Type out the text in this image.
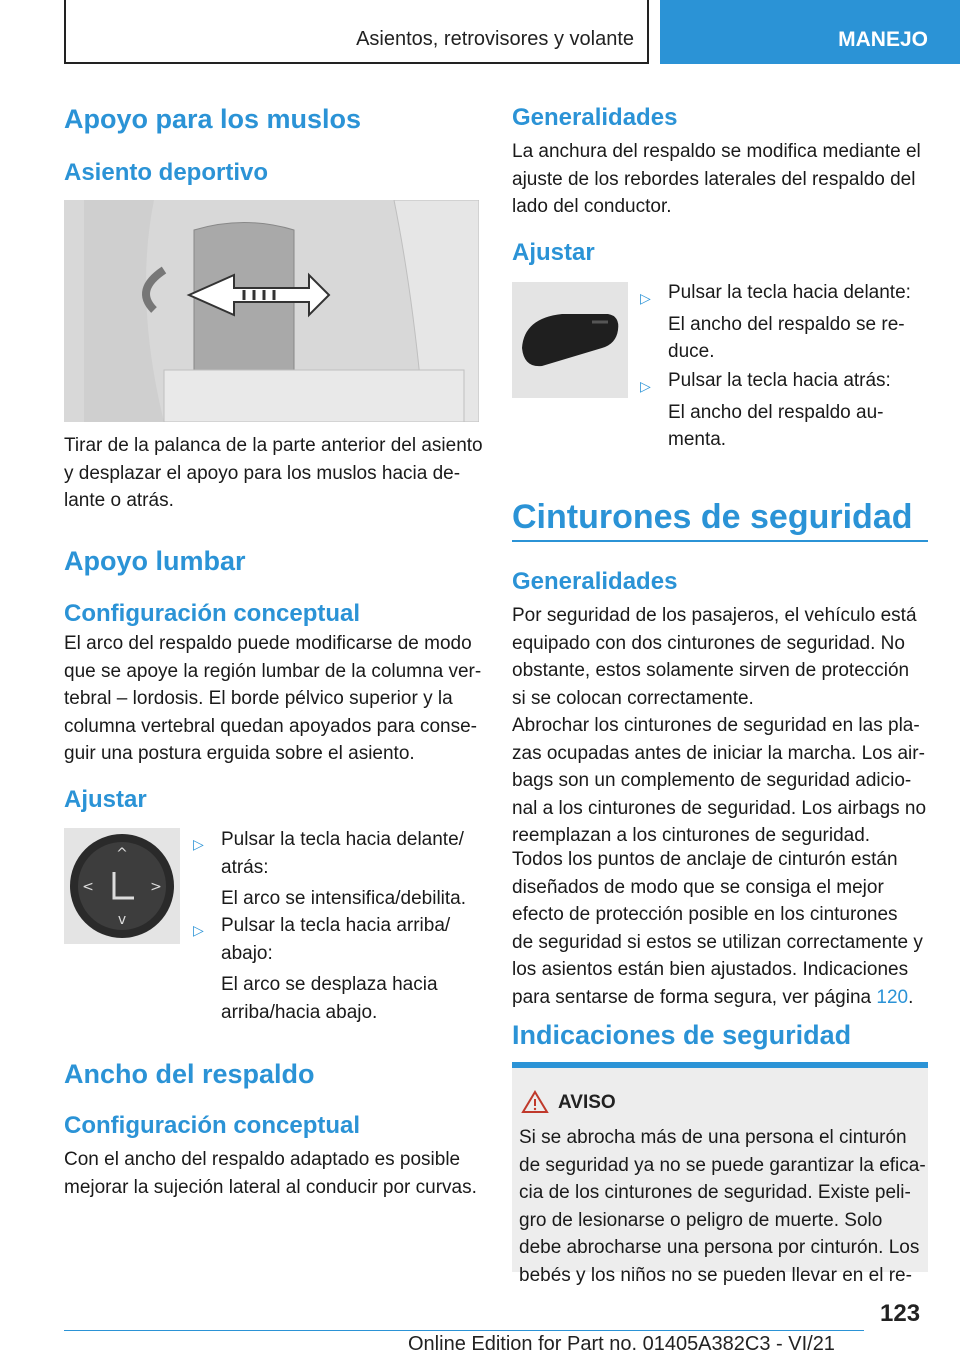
Asientos, retrovisores y volante	MANEJO
Apoyo para los muslos
Asiento deportivo
Tirar de la palanca de la parte anterior del asiento
y desplazar el apoyo para los muslos hacia de-
lante o atrás.
Apoyo lumbar
Configuración conceptual
El arco del respaldo puede modificarse de modo
que se apoye la región lumbar de la columna ver-
tebral – lordosis. El borde pélvico superior y la
columna vertebral quedan apoyados para conse-
guir una postura erguida sobre el asiento.
Ajustar
^
v
<	>
▷ Pulsar la tecla hacia delante/
atrás:
El arco se intensifica/debilita.
▷ Pulsar la tecla hacia arriba/
abajo:
El arco se desplaza hacia
arriba/hacia abajo.
Ancho del respaldo
Configuración conceptual
Con el ancho del respaldo adaptado es posible
mejorar la sujeción lateral al conducir por curvas.
Generalidades
La anchura del respaldo se modifica mediante el
ajuste de los rebordes laterales del respaldo del
lado del conductor.
Ajustar
▷ Pulsar la tecla hacia delante:
El ancho del respaldo se re-
duce.
▷ Pulsar la tecla hacia atrás:
El ancho del respaldo au-
menta.
Cinturones de seguridad
Generalidades
Por seguridad de los pasajeros, el vehículo está
equipado con dos cinturones de seguridad. No
obstante, estos solamente sirven de protección
si se colocan correctamente.
Abrochar los cinturones de seguridad en las pla-
zas ocupadas antes de iniciar la marcha. Los air-
bags son un complemento de seguridad adicio-
nal a los cinturones de seguridad. Los airbags no
reemplazan a los cinturones de seguridad.
Todos los puntos de anclaje de cinturón están
diseñados de modo que se consiga el mejor
efecto de protección posible en los cinturones
de seguridad si estos se utilizan correctamente y
los asientos están bien ajustados. Indicaciones
para sentarse de forma segura, ver página 120.
Indicaciones de seguridad
AVISO
Si se abrocha más de una persona el cinturón
de seguridad ya no se puede garantizar la efica-
cia de los cinturones de seguridad. Existe peli-
gro de lesionarse o peligro de muerte. Solo
debe abrocharse una persona por cinturón. Los
bebés y los niños no se pueden llevar en el re-
123
Online Edition for Part no. 01405A382C3 - VI/21
